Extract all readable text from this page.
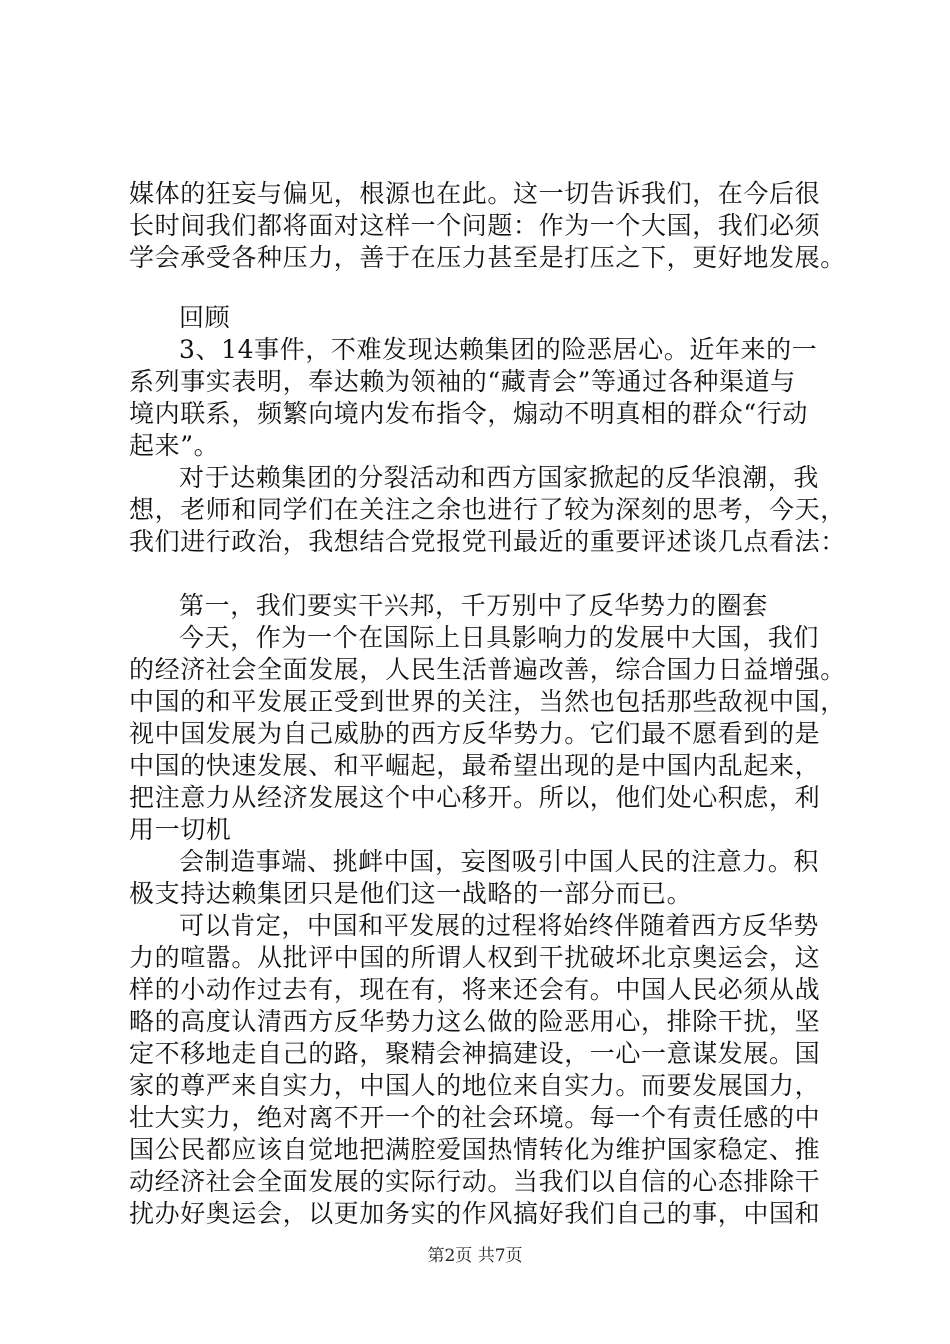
媒体的狂妄与偏见，根源也在此。这一切告诉我们，在今后很
长时间我们都将面对这样一个问题：作为一个大国，我们必须
学会承受各种压力，善于在压力甚至是打压之下，更好地发展。
回顾
3、14事件，不难发现达赖集团的险恶居心。近年来的一
系列事实表明，奉达赖为领袖的“藏青会”等通过各种渠道与
境内联系，频繁向境内发布指令，煽动不明真相的群众“行动
起来”。
对于达赖集团的分裂活动和西方国家掀起的反华浪潮，我
想，老师和同学们在关注之余也进行了较为深刻的思考，今天，
我们进行政治，我想结合党报党刊最近的重要评述谈几点看法：
第一，我们要实干兴邦，千万别中了反华势力的圈套
今天，作为一个在国际上日具影响力的发展中大国，我们
的经济社会全面发展，人民生活普遍改善，综合国力日益增强。
中国的和平发展正受到世界的关注，当然也包括那些敌视中国，
视中国发展为自己威胁的西方反华势力。它们最不愿看到的是
中国的快速发展、和平崛起，最希望出现的是中国内乱起来，
把注意力从经济发展这个中心移开。所以，他们处心积虑，利
用一切机
会制造事端、挑衅中国，妄图吸引中国人民的注意力。积
极支持达赖集团只是他们这一战略的一部分而已。
可以肯定，中国和平发展的过程将始终伴随着西方反华势
力的喧嚣。从批评中国的所谓人权到干扰破坏北京奥运会，这
样的小动作过去有，现在有，将来还会有。中国人民必须从战
略的高度认清西方反华势力这么做的险恶用心，排除干扰，坚
定不移地走自己的路，聚精会神搞建设，一心一意谋发展。国
家的尊严来自实力，中国人的地位来自实力。而要发展国力，
壮大实力，绝对离不开一个的社会环境。每一个有责任感的中
国公民都应该自觉地把满腔爱国热情转化为维护国家稳定、推
动经济社会全面发展的实际行动。当我们以自信的心态排除干
扰办好奥运会，以更加务实的作风搞好我们自己的事，中国和
第2页 共7页
